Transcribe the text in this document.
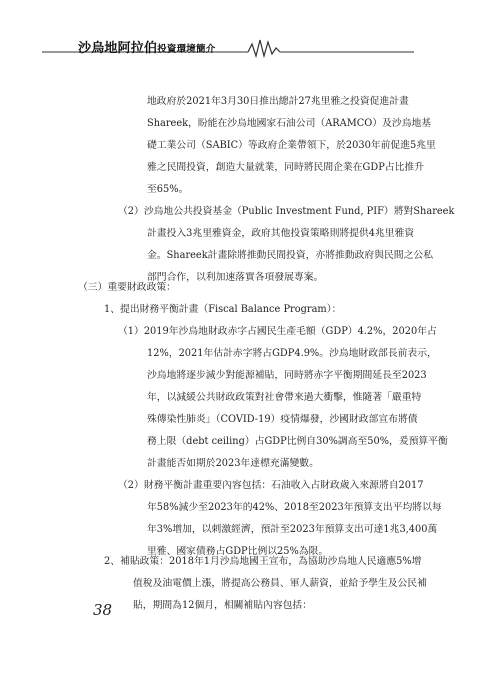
沙烏地阿拉伯投資環境簡介
地政府於2021年3月30日推出總計27兆里雅之投資促進計畫
Shareek，盼能在沙烏地國家石油公司（ARAMCO）及沙烏地基
礎工業公司（SABIC）等政府企業帶領下，於2030年前促進5兆里
雅之民間投資，創造大量就業，同時將民間企業在GDP占比推升
至65%。
（2）沙烏地公共投資基金（Public Investment Fund, PIF）將對Shareek
計畫投入3兆里雅資金，政府其他投資策略則將提供4兆里雅資
金。Shareek計畫除將推動民間投資，亦將推動政府與民間之公私
部門合作，以利加速落實各項發展專案。
（三）重要財政政策：
1、提出財務平衡計畫（Fiscal Balance Program）：
（1）2019年沙烏地財政赤字占國民生產毛額（GDP）4.2%，2020年占
12%，2021年估計赤字將占GDP4.9%。沙烏地財政部長前表示，
沙烏地將逐步減少對能源補貼，同時將赤字平衡期間延長至2023
年，以減緩公共財政政策對社會帶來過大衝擊，惟隨著「嚴重特
殊傳染性肺炎」（COVID-19）疫情爆發，沙國財政部宣布將債
務上限（debt ceiling）占GDP比例自30%調高至50%，爰預算平衡
計畫能否如期於2023年達標充滿變數。
（2）財務平衡計畫重要內容包括：石油收入占財政歲入來源將自2017
年58%減少至2023年的42%、2018至2023年預算支出平均將以每
年3%增加，以刺激經濟，預計至2023年預算支出可達1兆3,400萬
里雅、國家債務占GDP比例以25%為限。
2、補貼政策：2018年1月沙烏地國王宣布，為協助沙烏地人民適應5%增
值稅及油電價上漲，將提高公務員、軍人薪資，並給予學生及公民補
貼，期間為12個月，相關補貼內容包括：
38
